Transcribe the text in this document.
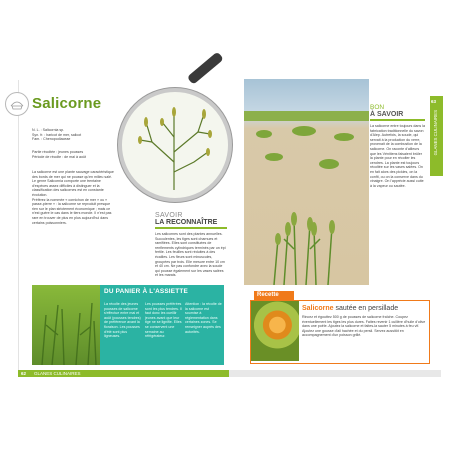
Salicorne
N. L. : Salicornia sp.
Syn. fr. : haricot de mer, salicot
Fam. : Chenopodiaceae
Partie récoltée : jeunes pousses
Période de récolte : de mai à août
La salicorne est une plante sauvage caractéristique des bords de mer qui ne pousse qu'en milieu salé. Le genre Salicornia comporte une trentaine d'espèces assez difficiles à distinguer et la classification des salicornes est en constante évolution.
Préférez la nommée « cornichon de mer » ou « passe-pierre » : la salicorne se reproduit presque rien sur le plan strictement économique ; mais ce n'est guère le cas dans le tiers monde. Il n'est pas rare en trouver de plus en plus aujourd'hui dans certains poissonniers.
SAVOIR
LA RECONNAÎTRE
Les salicornes sont des plantes annuelles. Succulentes, les tiges sont charnues et ramifiées. Elles sont constituées de renflements cylindriques terminés par un épi fertile. Les feuilles sont réduites à des écailles. Les fleurs sont minuscules, groupées par trois. Elle mesure entre 10 cm et 40 cm. Ne pas confondre avec la soude qui pousse également sur les vases salées et les marais.
DU PANIER À L'ASSIETTE
La récolte des jeunes pousses de salicorne s'effectue entre mai et août (pousses tendres) de préférence avant la floraison. Les pousses d'été sont plus ligneuses.
Les pousses préférées sont les plus tendres. Il faut donc les cueillir jeunes avant que leur tige ne se lignifie. Elles se conservent une semaine au réfrigérateur.
Attention : la récolte de la salicorne est soumise à réglementation dans certaines zones. Se renseigner auprès des autorités.
62 GLANES CULINAIRES
BON
À SAVOIR
La salicorne entre toujours dans la fabrication traditionnelle du savon d'Alep. Autrefois, la soude, qui servait à la production du verre, provenait de la combustion de la salicorne. On raconte d'ailleurs que les Vénitiens faisaient brûler la plante pour en récolter les cendres. La plante est toujours récoltée sur les vases salées. On en fait alors des pickles, on la confit, ou on la conserve dans du vinaigre. On l'apprécie aussi cuite à la vapeur ou sautée.
63
GLANES CULINAIRES
Recette
Salicorne sautée en persillade
Rincez et égouttez 500 g de pousses de salicorne fraîche. Coupez éventuellement les tiges les plus dures. Faites revenir 1 cuillère d'huile d'olive dans une poêle. Ajoutez la salicorne et faites-la sauter 5 minutes à feu vif. Ajoutez une gousse d'ail hachée et du persil. Servez aussitôt en accompagnement d'un poisson grillé.
